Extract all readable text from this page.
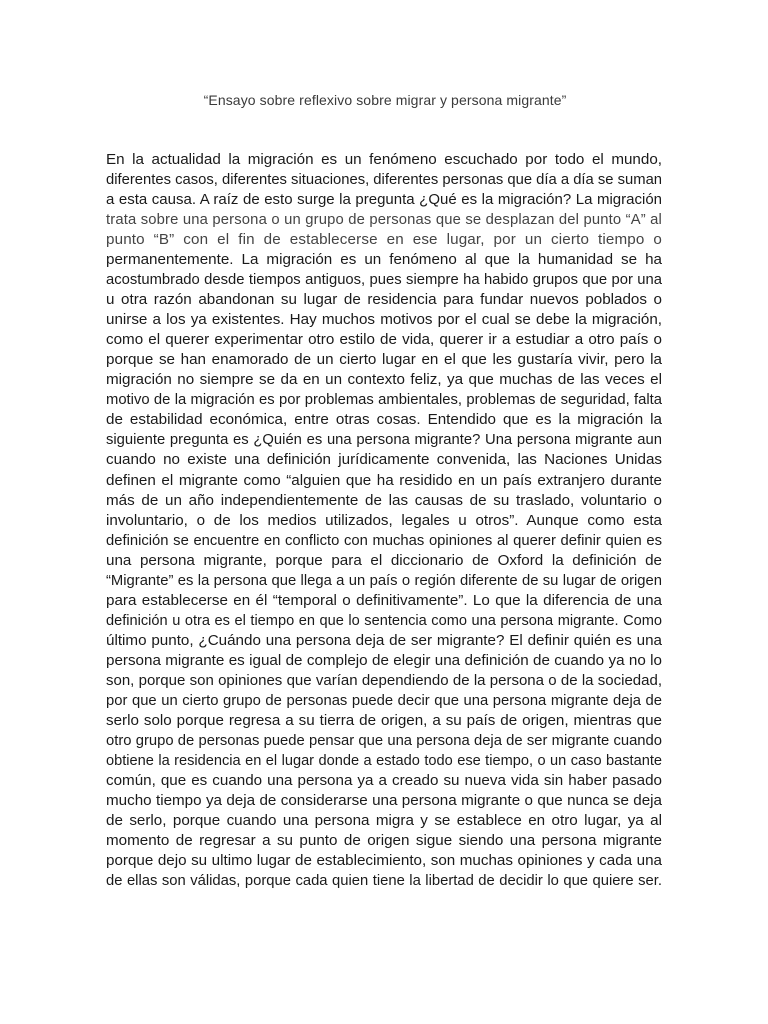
“Ensayo sobre reflexivo sobre migrar y persona migrante”
En la actualidad la migración es un fenómeno escuchado por todo el mundo,
diferentes casos, diferentes situaciones, diferentes personas que día a día se suman
a esta causa. A raíz de esto surge la pregunta ¿Qué es la migración? La migración
trata sobre una persona o un grupo de personas que se desplazan del punto “A” al
punto “B” con el fin de establecerse en ese lugar, por un cierto tiempo o
permanentemente. La migración es un fenómeno al que la humanidad se ha
acostumbrado desde tiempos antiguos, pues siempre ha habido grupos que por una
u otra razón abandonan su lugar de residencia para fundar nuevos poblados o
unirse a los ya existentes. Hay muchos motivos por el cual se debe la migración,
como el querer experimentar otro estilo de vida, querer ir a estudiar a otro país o
porque se han enamorado de un cierto lugar en el que les gustaría vivir, pero la
migración no siempre se da en un contexto feliz, ya que muchas de las veces el
motivo de la migración es por problemas ambientales, problemas de seguridad, falta
de estabilidad económica, entre otras cosas. Entendido que es la migración la
siguiente pregunta es ¿Quién es una persona migrante? Una persona migrante aun
cuando no existe una definición jurídicamente convenida, las Naciones Unidas
definen el migrante como “alguien que ha residido en un país extranjero durante
más de un año independientemente de las causas de su traslado, voluntario o
involuntario, o de los medios utilizados, legales u otros”. Aunque como esta
definición se encuentre en conflicto con muchas opiniones al querer definir quien es
una persona migrante, porque para el diccionario de Oxford la definición de
“Migrante” es la persona que llega a un país o región diferente de su lugar de origen
para establecerse en él “temporal o definitivamente”. Lo que la diferencia de una
definición u otra es el tiempo en que lo sentencia como una persona migrante. Como
último punto, ¿Cuándo una persona deja de ser migrante? El definir quién es una
persona migrante es igual de complejo de elegir una definición de cuando ya no lo
son, porque son opiniones que varían dependiendo de la persona o de la sociedad,
por que un cierto grupo de personas puede decir que una persona migrante deja de
serlo solo porque regresa a su tierra de origen, a su país de origen, mientras que
otro grupo de personas puede pensar que una persona deja de ser migrante cuando
obtiene la residencia en el lugar donde a estado todo ese tiempo, o un caso bastante
común, que es cuando una persona ya a creado su nueva vida sin haber pasado
mucho tiempo ya deja de considerarse una persona migrante o que nunca se deja
de serlo, porque cuando una persona migra y se establece en otro lugar, ya al
momento de regresar a su punto de origen sigue siendo una persona migrante
porque dejo su ultimo lugar de establecimiento, son muchas opiniones y cada una
de ellas son válidas, porque cada quien tiene la libertad de decidir lo que quiere ser.
